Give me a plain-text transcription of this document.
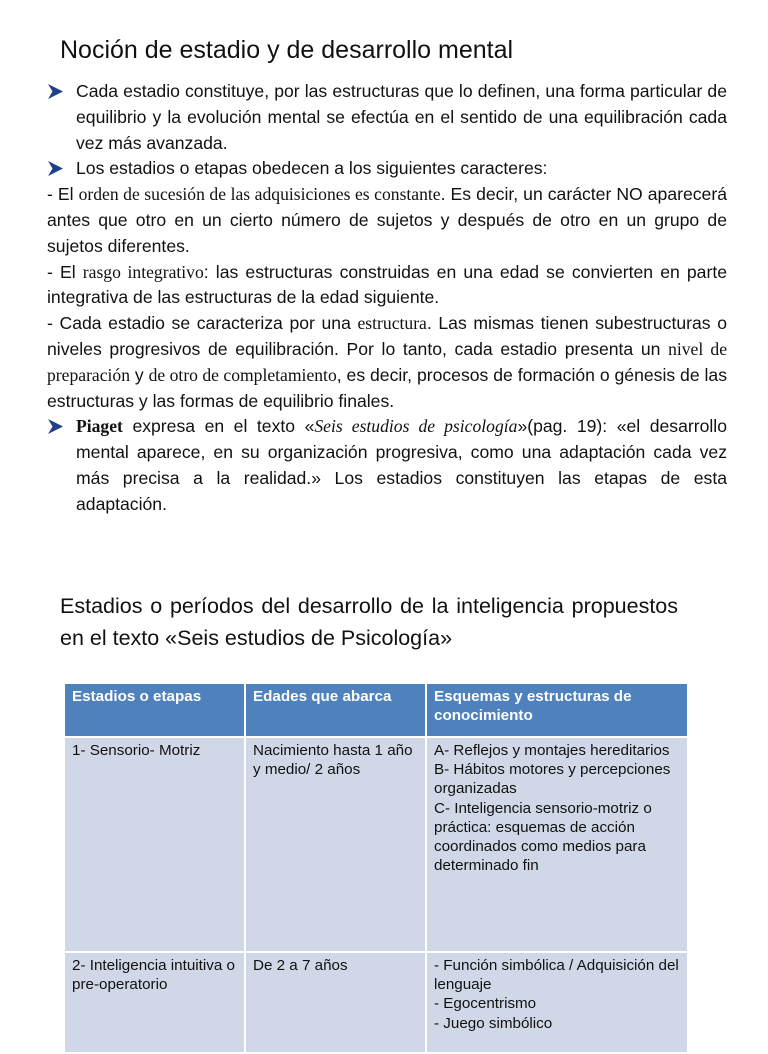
Noción de estadio y de desarrollo mental

Cada estadio constituye, por las estructuras que lo definen, una forma particular de equilibrio y la evolución mental se efectúa en el sentido de una equilibración cada vez más avanzada.

Los estadios o etapas obedecen a los siguientes caracteres:

- El orden de sucesión de las adquisiciones es constante. Es decir, un carácter NO aparecerá antes que otro en un cierto número de sujetos y después de otro en un grupo de sujetos diferentes.

- El rasgo integrativo: las estructuras construidas en una edad se convierten en parte integrativa de las estructuras de la edad siguiente.

- Cada estadio se caracteriza por una estructura. Las mismas tienen subestructuras o niveles progresivos de equilibración. Por lo tanto, cada estadio presenta un nivel de preparación y de otro de completamiento, es decir, procesos de formación o génesis de las estructuras y las formas de equilibrio finales.

Piaget expresa en el texto «Seis estudios de psicología»(pag. 19): «el desarrollo mental aparece, en su organización progresiva, como una adaptación cada vez más precisa a la realidad.» Los estadios constituyen las etapas de esta adaptación.

Estadios o períodos del desarrollo de la inteligencia propuestos en el texto «Seis estudios de Psicología»
Estadios o etapas	Edades que abarca	Esquemas y estructuras de conocimiento
1- Sensorio- Motriz	Nacimiento hasta 1 año y medio/ 2 años	A- Reflejos y montajes hereditarios
B- Hábitos motores y percepciones organizadas
C- Inteligencia sensorio-motriz o práctica: esquemas de acción coordinados como medios para determinado fin

2- Inteligencia intuitiva o pre-operatorio	De 2 a 7 años	- Función simbólica / Adquisición del lenguaje
- Egocentrismo
- Juego simbólico
